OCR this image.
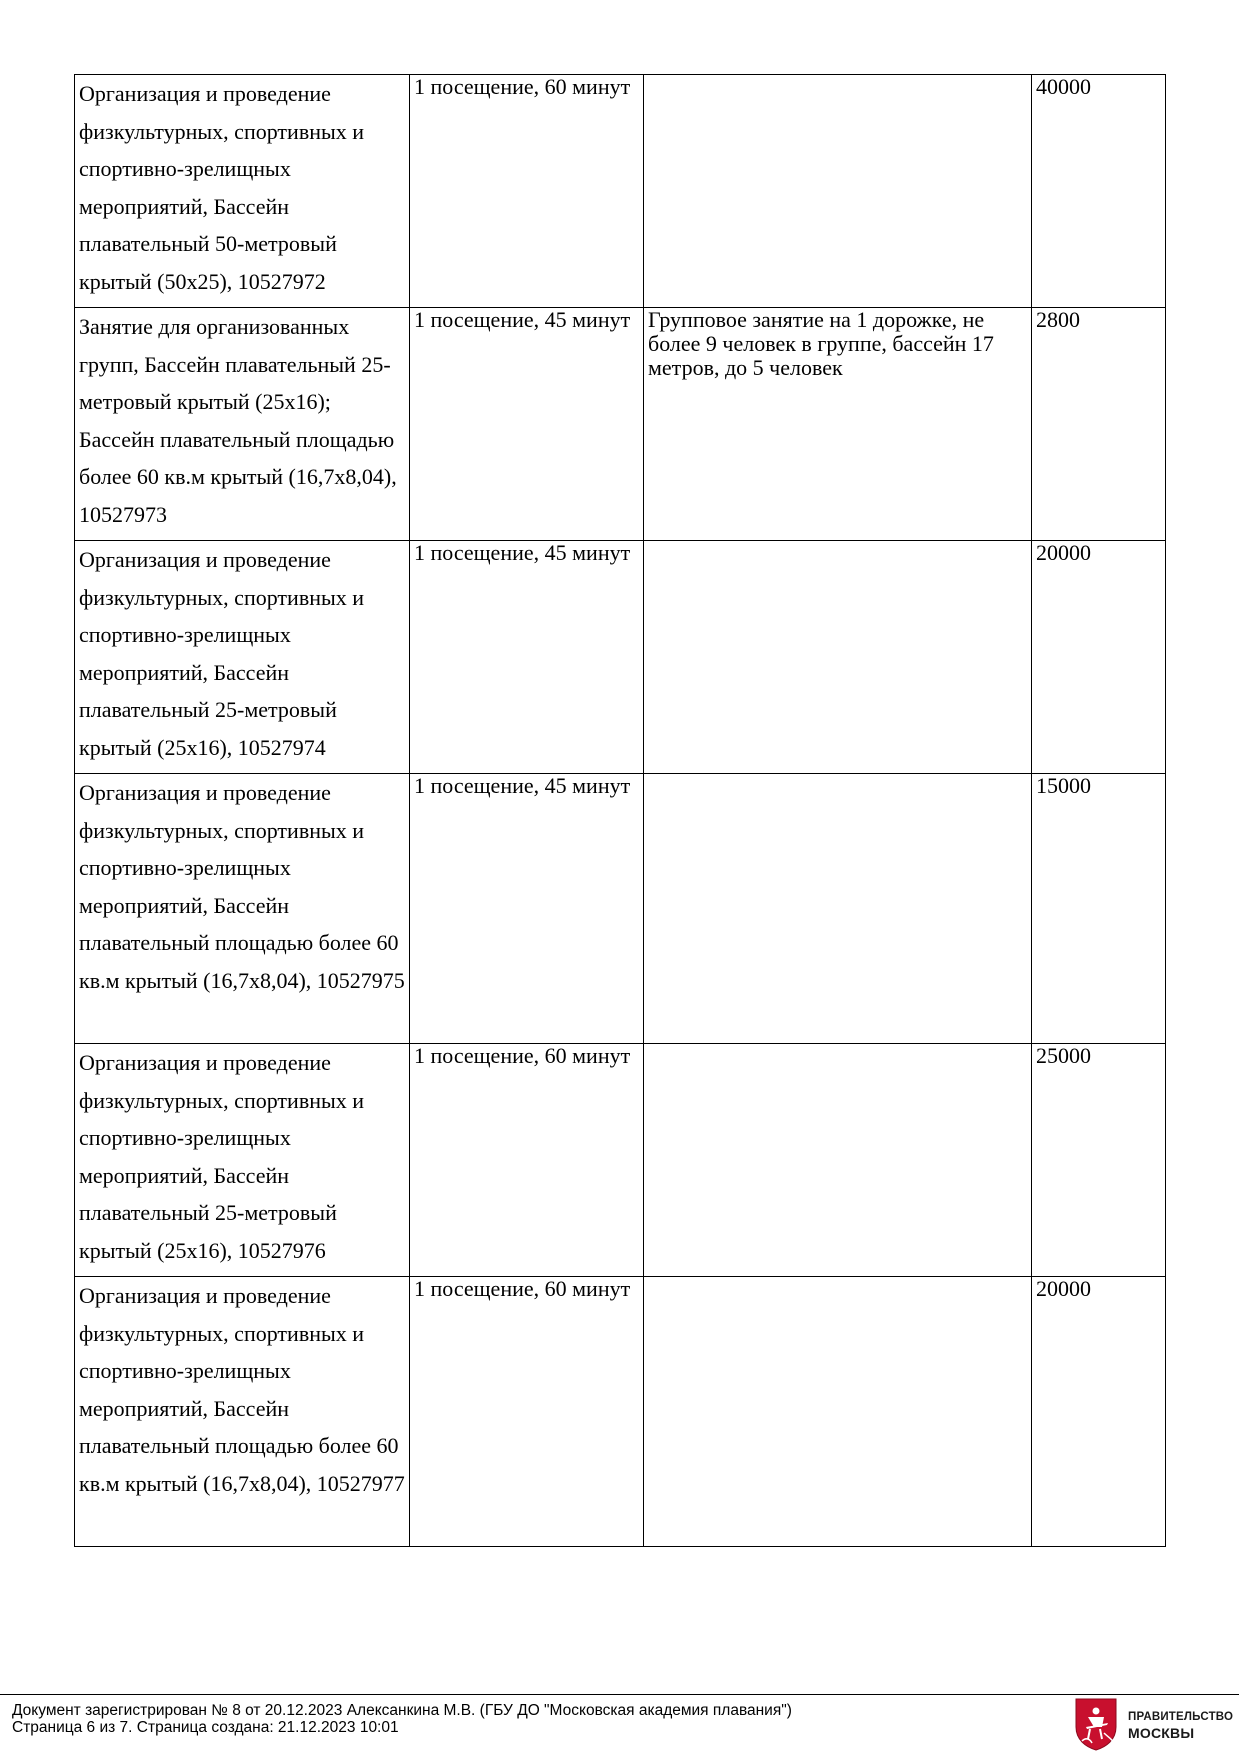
Организация и проведение физкультурных, спортивных и спортивно-зрелищных мероприятий, Бассейн плавательный 50-метровый крытый (50х25), 10527972	1 посещение, 60 минут		40000
Занятие для организованных групп, Бассейн плавательный 25-метровый крытый (25х16); Бассейн плавательный площадью более 60 кв.м крытый (16,7х8,04), 10527973	1 посещение, 45 минут	Групповое занятие на 1 дорожке, не более 9 человек в группе, бассейн 17 метров, до 5 человек	2800
Организация и проведение физкультурных, спортивных и спортивно-зрелищных мероприятий, Бассейн плавательный 25-метровый крытый (25х16), 10527974	1 посещение, 45 минут		20000
Организация и проведение физкультурных, спортивных и спортивно-зрелищных мероприятий, Бассейн плавательный площадью более 60 кв.м крытый (16,7х8,04), 10527975	1 посещение, 45 минут		15000
Организация и проведение физкультурных, спортивных и спортивно-зрелищных мероприятий, Бассейн плавательный 25-метровый крытый (25х16), 10527976	1 посещение, 60 минут		25000
Организация и проведение физкультурных, спортивных и спортивно-зрелищных мероприятий, Бассейн плавательный площадью более 60 кв.м крытый (16,7х8,04), 10527977	1 посещение, 60 минут		20000
Документ зарегистрирован № 8 от 20.12.2023 Алексанкина М.В. (ГБУ ДО "Московская академия плавания")
Страница 6 из 7. Страница создана: 21.12.2023 10:01
ПРАВИТЕЛЬСТВО
МОСКВЫ
